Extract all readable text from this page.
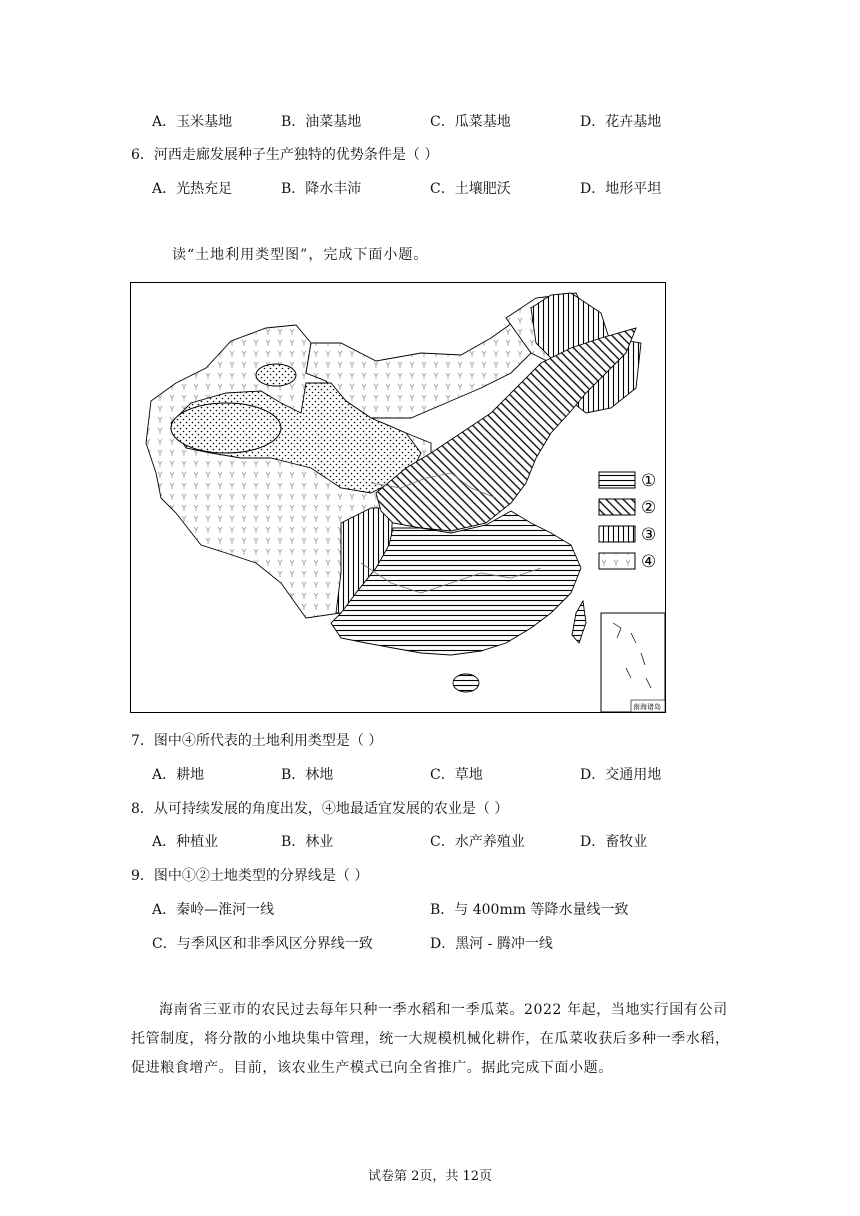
A．玉米基地	B．油菜基地	C．瓜菜基地	D．花卉基地
6．河西走廊发展种子生产独特的优势条件是（ ）
A．光热充足	B．降水丰沛	C．土壤肥沃	D．地形平坦
读“土地利用类型图”，完成下面小题。
①
②
③
④
南海诸岛
7．图中④所代表的土地利用类型是（ ）
A．耕地	B．林地	C．草地	D．交通用地
8．从可持续发展的角度出发，④地最适宜发展的农业是（ ）
A．种植业	B．林业	C．水产养殖业	D．畜牧业
9．图中①②土地类型的分界线是（ ）
A．秦岭—淮河一线	B．与 400mm 等降水量线一致
C．与季风区和非季风区分界线一致	D．黑河 - 腾冲一线
海南省三亚市的农民过去每年只种一季水稻和一季瓜菜。2022 年起，当地实行国有公司托管制度，将分散的小地块集中管理，统一大规模机械化耕作，在瓜菜收获后多种一季水稻，促进粮食增产。目前，该农业生产模式已向全省推广。据此完成下面小题。
试卷第 2页，共 12页
